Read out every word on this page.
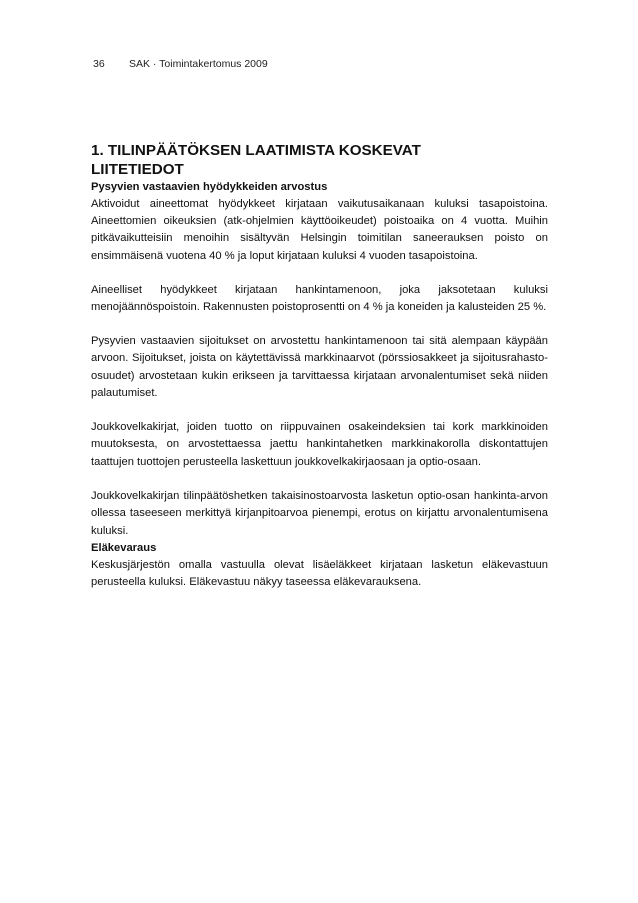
36 SAK · Toimintakertomus 2009
1. TILINPÄÄTÖKSEN LAATIMISTA KOSKEVAT
LIITETIEDOT
Pysyvien vastaavien hyödykkeiden arvostus

Aktivoidut aineettomat hyödykkeet kirjataan vaikutusaikanaan kuluksi tasapoistoina. Aineettomien oikeuksien (atk-ohjelmien käyttöoikeudet) poistoaika on 4 vuotta. Muihin pitkävaikutteisiin menoihin sisältyvän Helsingin toimitilan saneerauksen poisto on ensimmäisenä vuotena 40 % ja loput kirjataan kuluksi 4 vuoden tasapoistoina.

Aineelliset hyödykkeet kirjataan hankintamenoon, joka jaksotetaan kuluksi menojäännöspoistoin. Rakennusten poistoprosentti on 4 % ja koneiden ja kalusteiden 25 %.

Pysyvien vastaavien sijoitukset on arvostettu hankintamenoon tai sitä alempaan käypään arvoon. Sijoitukset, joista on käytettävissä markkinaarvot (pörssiosakkeet ja sijoitusrahasto-osuudet) arvostetaan kukin erikseen ja tarvittaessa kirjataan arvonalentumiset sekä niiden palautumiset.

Joukkovelkakirjat, joiden tuotto on riippuvainen osakeindeksien tai kork markkinoiden muutoksesta, on arvostettaessa jaettu hankintahetken markkinakorolla diskontattujen taattujen tuottojen perusteella laskettuun joukkovelkakirjaosaan ja optio-osaan.

Joukkovelkakirjan tilinpäätöshetken takaisinostoarvosta lasketun optio-osan hankinta-arvon ollessa taseeseen merkittyä kirjanpitoarvoa pienempi, erotus on kirjattu arvonalentumisena kuluksi.

Eläkevaraus

Keskusjärjestön omalla vastuulla olevat lisäeläkkeet kirjataan lasketun eläkevastuun perusteella kuluksi. Eläkevastuu näkyy taseessa eläkevarauksena.
